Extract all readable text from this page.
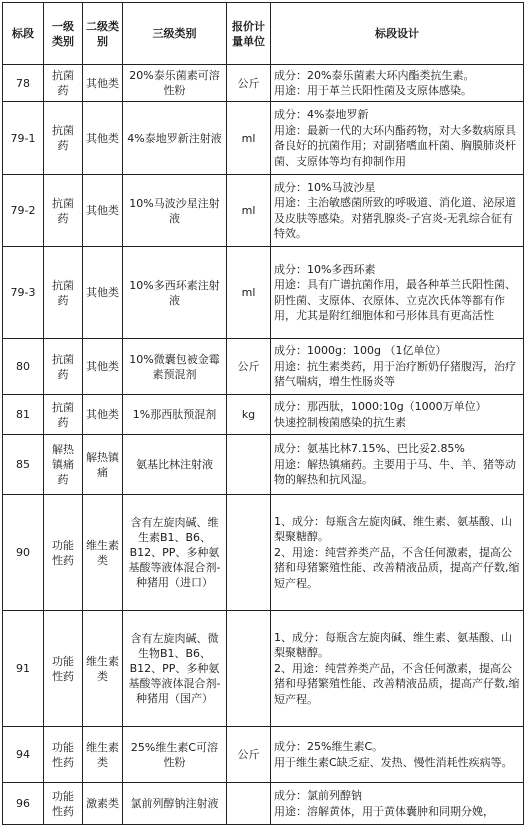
标段	一级类别	二级类别	三级类别	报价计量单位	标段设计
78	抗菌药	其他类	20%泰乐菌素可溶性粉	公斤	成分：20%泰乐菌素大环内酯类抗生素。
用途：用于革兰氏阳性菌及支原体感染。

79-1	抗菌药	其他类	4%泰地罗新注射液	ml	成分：4%泰地罗新
用途：最新一代的大环内酯药物，对大多数病原具备良好的抗菌作用；对副猪嗜血杆菌、胸膜肺炎杆菌、支原体等均有抑制作用
79-2	抗菌药	其他类	10%马波沙星注射液	ml	成分：10%马波沙星
用途：主治敏感菌所致的呼吸道、消化道、泌尿道及皮肤等感染。对猪乳腺炎-子宫炎-无乳综合征有特效。
79-3	抗菌药	其他类	10%多西环素注射液	ml	成分：10%多西环素
用途：具有广谱抗菌作用，最各种革兰氏阳性菌、阴性菌、支原体、衣原体、立克次氏体等都有作用，尤其是附红细胞体和弓形体具有更高活性
80	抗菌药	其他类	10%微囊包被金霉素预混剂	公斤	成分：1000g：100g （1亿单位）
用途：抗生素类药，用于治疗断奶仔猪腹泻，治疗猪气喘病，增生性肠炎等
81	抗菌药	其他类	1%那西肽预混剂	kg	成分：那西肽，1000:10g（1000万单位）
快速控制梭菌感染的抗生素

85	解热镇痛药	解热镇痛	氨基比林注射液		成分：氨基比林7.15%、巴比妥2.85%
用途：解热镇痛药。主要用于马、牛、羊、猪等动物的解热和抗风湿。
90	功能性药	维生素类	含有左旋肉碱、维生素B1、B6、B12、PP、多种氨基酸等液体混合剂-种猪用（进口）		1、成分：每瓶含左旋肉碱、维生素、氨基酸、山梨聚糖醇。
2、用途：纯营养类产品，不含任何激素，提高公猪和母猪繁殖性能、改善精液品质，提高产仔数,缩短产程。
91	功能性药	维生素类	含有左旋肉碱、微生物B1、B6、B12、PP、多种氨基酸等液体混合剂-种猪用（国产）		1、成分：每瓶含左旋肉碱、维生素、氨基酸、山梨聚糖醇。
2、用途：纯营养类产品，不含任何激素，提高公猪和母猪繁殖性能、改善精液品质，提高产仔数,缩短产程。
94	功能性药	维生素类	25%维生素C可溶性粉	公斤	成分：25%维生素C。
用于维生素C缺乏症、发热、慢性消耗性疾病等。
96	功能性药	激素类	氯前列醇钠注射液		成分：氯前列醇钠
用途：溶解黄体，用于黄体囊肿和同期分娩，
